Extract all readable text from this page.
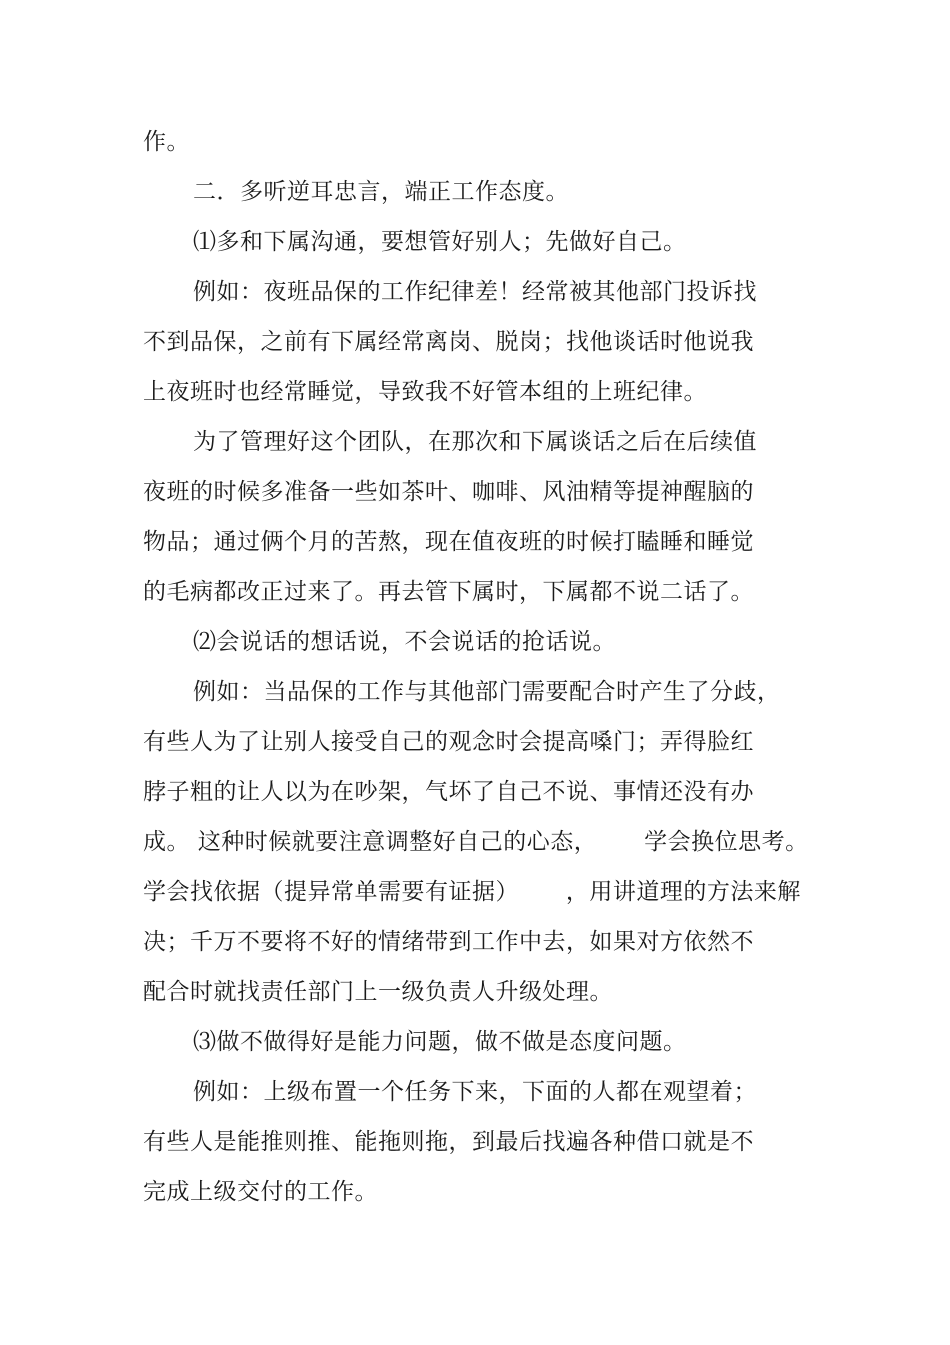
作。
二．多听逆耳忠言，端正工作态度。
⑴多和下属沟通，要想管好别人；先做好自己。
例如：夜班品保的工作纪律差！经常被其他部门投诉找
不到品保，之前有下属经常离岗、脱岗；找他谈话时他说我
上夜班时也经常睡觉，导致我不好管本组的上班纪律。
为了管理好这个团队，在那次和下属谈话之后在后续值
夜班的时候多准备一些如茶叶、咖啡、风油精等提神醒脑的
物品；通过俩个月的苦熬，现在值夜班的时候打瞌睡和睡觉
的毛病都改正过来了。再去管下属时，下属都不说二话了。
⑵会说话的想话说，不会说话的抢话说。
例如：当品保的工作与其他部门需要配合时产生了分歧，
有些人为了让别人接受自己的观念时会提高嗓门；弄得脸红
脖子粗的让人以为在吵架，气坏了自己不说、事情还没有办
成。 这种时候就要注意调整好自己的心态，      学会换位思考。
学会找依据（提异常单需要有证据）      ，用讲道理的方法来解
决；千万不要将不好的情绪带到工作中去，如果对方依然不
配合时就找责任部门上一级负责人升级处理。
⑶做不做得好是能力问题，做不做是态度问题。
例如：上级布置一个任务下来，下面的人都在观望着；
有些人是能推则推、能拖则拖，到最后找遍各种借口就是不
完成上级交付的工作。
